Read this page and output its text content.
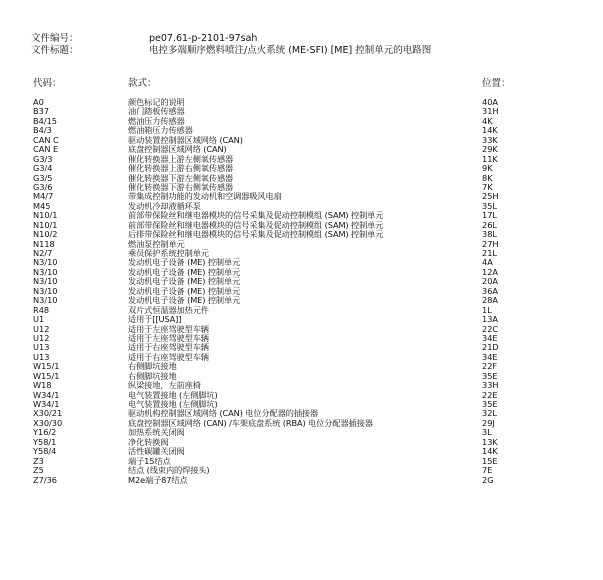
文件编号：	pe07.61-p-2101-97sah
文件标题：	电控多端顺序燃料喷注/点火系统 (ME-SFI) [ME] 控制单元的电路图
代码：	款式：	位置：
A0	颜色标记的说明	40A
B37	油门踏板传感器	31H
B4/15	燃油压力传感器	4K
B4/3	燃油箱压力传感器	14K
CAN C	驱动装置控制器区域网络 (CAN)	33K
CAN E	底盘控制器区域网络 (CAN)	29K
G3/3	催化转换器上游左侧氧传感器	11K
G3/4	催化转换器上游右侧氧传感器	9K
G3/5	催化转换器下游左侧氧传感器	8K
G3/6	催化转换器下游右侧氧传感器	7K
M4/7	带集成控制功能的发动机和空调器吸风电扇	25H
M45	发动机冷却液循环泵	35L
N10/1	前部带保险丝和继电器模块的信号采集及促动控制模组 (SAM) 控制单元	17L
N10/1	前部带保险丝和继电器模块的信号采集及促动控制模组 (SAM) 控制单元	26L
N10/2	后排带保险丝和继电器模块的信号采集及促动控制模组 (SAM) 控制单元	38L
N118	燃油泵控制单元	27H
N2/7	乘员保护系统控制单元	21L
N3/10	发动机电子设备 (ME) 控制单元	4A
N3/10	发动机电子设备 (ME) 控制单元	12A
N3/10	发动机电子设备 (ME) 控制单元	20A
N3/10	发动机电子设备 (ME) 控制单元	36A
N3/10	发动机电子设备 (ME) 控制单元	28A
R48	双片式恒温器加热元件	1L
U1	适用于[[USA]]	13A
U12	适用于左座驾驶型车辆	22C
U12	适用于左座驾驶型车辆	34E
U13	适用于右座驾驶型车辆	21D
U13	适用于右座驾驶型车辆	34E
W15/1	右侧脚坑接地	22F
W15/1	右侧脚坑接地	35E
W18	纵梁接地，左前座椅	33H
W34/1	电气装置接地 (左侧脚坑)	22E
W34/1	电气装置接地 (左侧脚坑)	35E
X30/21	驱动机构控制器区域网络 (CAN) 电位分配器的插接器	32L
X30/30	底盘控制器区域网络 (CAN) /车架底盘系统 (RBA) 电位分配器插接器	29J
Y16/2	加热系统关闭阀	3L
Y58/1	净化转换阀	13K
Y58/4	活性碳罐关闭阀	14K
Z3	端子15结点	15E
Z5	结点 (线束内的焊接头)	7E
Z7/36	M2e端子87结点	2G
